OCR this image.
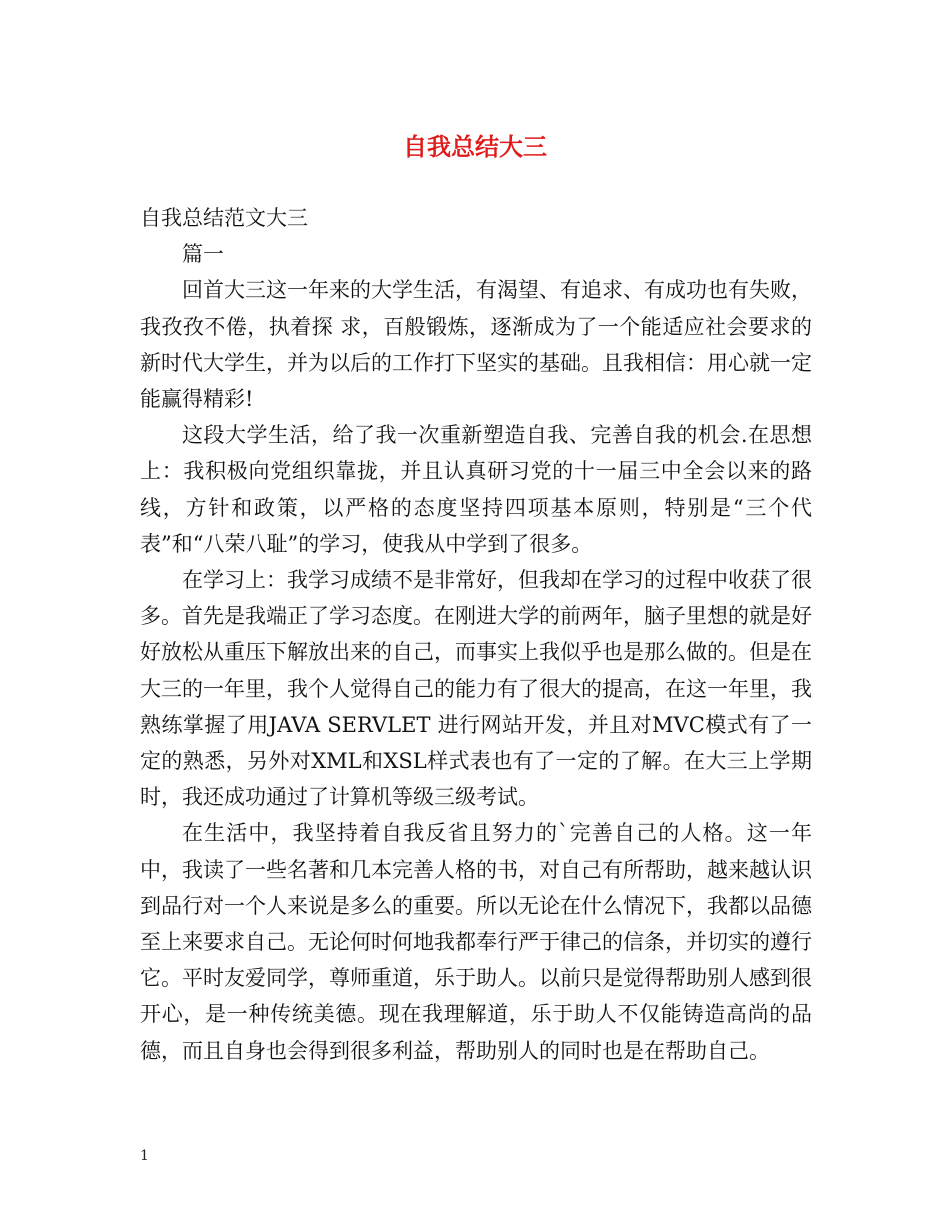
自我总结大三

自我总结范文大三

篇一

回首大三这一年来的大学生活，有渴望、有追求、有成功也有失败，我孜孜不倦，执着探 求，百般锻炼，逐渐成为了一个能适应社会要求的新时代大学生，并为以后的工作打下坚实的基础。且我相信：用心就一定能赢得精彩!

这段大学生活，给了我一次重新塑造自我、完善自我的机会.在思想上：我积极向党组织靠拢，并且认真研习党的十一届三中全会以来的路线，方针和政策，以严格的态度坚持四项基本原则，特别是“三个代表”和“八荣八耻”的学习，使我从中学到了很多。

在学习上：我学习成绩不是非常好，但我却在学习的过程中收获了很多。首先是我端正了学习态度。在刚进大学的前两年，脑子里想的就是好好放松从重压下解放出来的自己，而事实上我似乎也是那么做的。但是在大三的一年里，我个人觉得自己的能力有了很大的提高，在这一年里，我熟练掌握了用JAVA SERVLET 进行网站开发，并且对MVC模式有了一定的熟悉，另外对XML和XSL样式表也有了一定的了解。在大三上学期时，我还成功通过了计算机等级三级考试。

在生活中，我坚持着自我反省且努力的`完善自己的人格。这一年中，我读了一些名著和几本完善人格的书，对自己有所帮助，越来越认识到品行对一个人来说是多么的重要。所以无论在什么情况下，我都以品德至上来要求自己。无论何时何地我都奉行严于律己的信条，并切实的遵行它。平时友爱同学，尊师重道，乐于助人。以前只是觉得帮助别人感到很开心，是一种传统美德。现在我理解道，乐于助人不仅能铸造高尚的品德，而且自身也会得到很多利益，帮助别人的同时也是在帮助自己。

1
